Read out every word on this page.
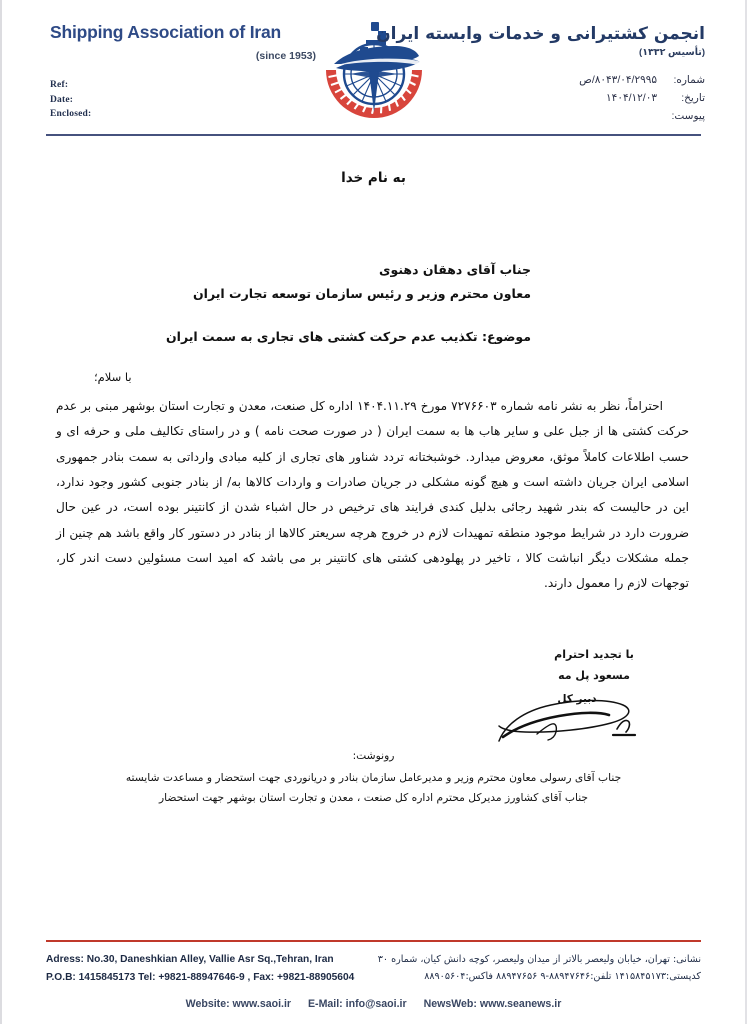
Shipping Association of Iran
(since 1953)
Ref:
Date:
Enclosed:
انجمن کشتیرانی و خدمات وابسته ایران
(تأسیس ۱۳۳۲)
شماره:
۸۰۴۳/۰۴/۲۹۹۵/ص
تاریخ:
۱۴۰۴/۱۲/۰۳
پیوست:
به نام خدا
جناب آقای دهقان دهنوی
معاون محترم وزیر و رئیس سازمان توسعه تجارت ایران
موضوع: تکذیب عدم حرکت کشتی های تجاری به سمت ایران
با سلام؛
احتراماً، نظر به نشر نامه شماره ۷۲۷۶۶۰۳ مورخ ۱۴۰۴.۱۱.۲۹ اداره کل صنعت، معدن و تجارت استان بوشهر مبنی بر عدم حرکت کشتی ها از جبل علی و سایر هاب ها به سمت ایران ( در صورت صحت نامه ) و در راستای تکالیف ملی و حرفه ای و حسب اطلاعات کاملاً موثق، معروض میدارد. خوشبختانه تردد شناور های تجاری از کلیه مبادی وارداتی به سمت بنادر جمهوری اسلامی ایران جریان داشته است و هیچ گونه مشکلی در جریان صادرات و واردات کالاها به/ از بنادر جنوبی کشور وجود ندارد، این در حالیست که بندر شهید رجائی بدلیل کندی فرایند های ترخیص در حال اشباء شدن از کانتینر بوده است، در عین حال ضرورت دارد در شرایط موجود منطقه تمهیدات لازم در خروج هرچه سریعتر کالاها از بنادر در دستور کار واقع باشد هم چنین از جمله مشکلات دیگر انباشت کالا ، تاخیر در پهلودهی کشتی های کانتینر بر می باشد که امید است مسئولین دست اندر کار، توجهات لازم را معمول دارند.
با تجدید احترام
مسعود پل مه
دبیر کل
رونوشت:
جناب آقای رسولی معاون محترم وزیر و مدیرعامل سازمان بنادر و دریانوردی جهت استحضار و مساعدت شایسته
جناب آقای کشاورز مدیرکل محترم اداره کل صنعت ، معدن و تجارت استان بوشهر جهت استحضار
Adress: No.30, Daneshkian Alley, Vallie Asr Sq.,Tehran, Iran
P.O.B: 1415845173 Tel: +9821-88947646-9 , Fax: +9821-88905604
نشانی: تهران، خیابان ولیعصر بالاتر از میدان ولیعصر، کوچه دانش کیان، شماره ۳۰
کدپستی:۱۴۱۵۸۴۵۱۷۳ تلفن:۸۸۹۴۷۶۴۶-۹ ۸۸۹۴۷۶۵۶ فاکس:۸۸۹۰۵۶۰۴
Website: www.saoi.ir E-Mail: info@saoi.ir NewsWeb: www.seanews.ir
